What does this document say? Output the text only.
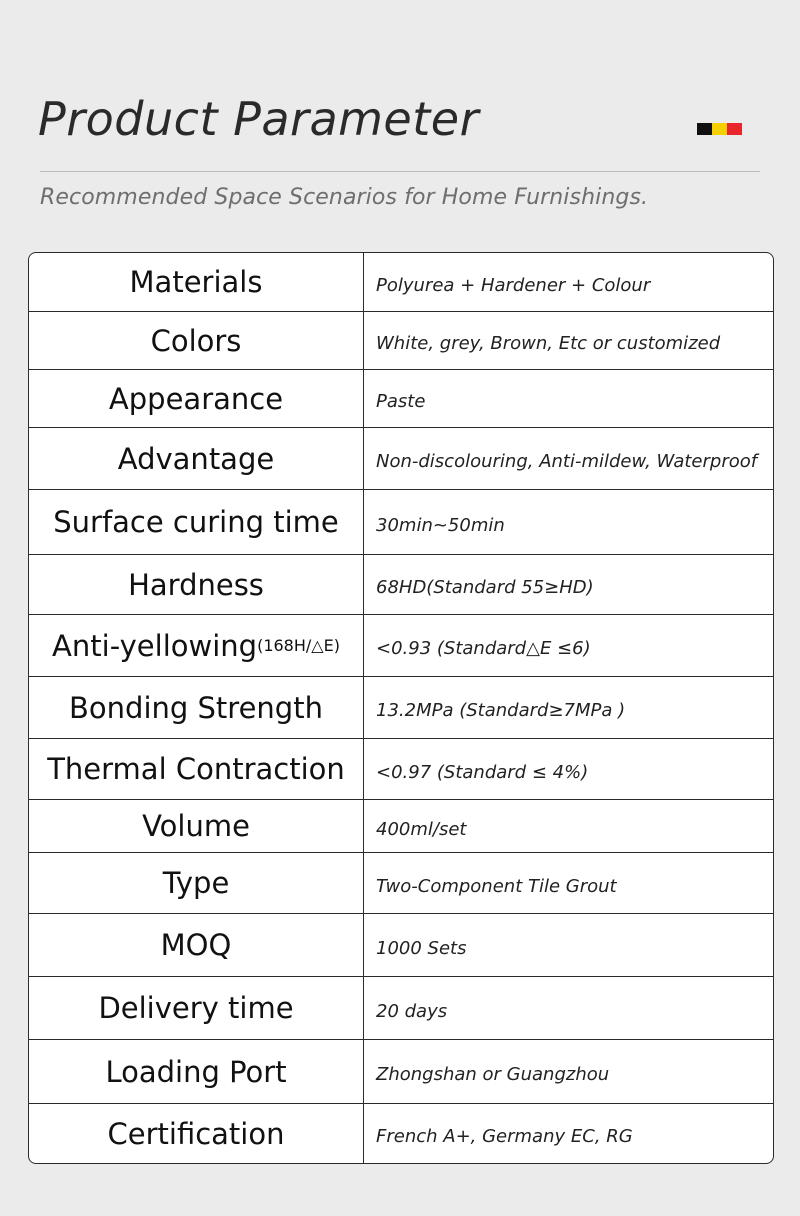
Product Parameter

Recommended Space Scenarios for Home Furnishings.

Materials	Polyurea + Hardener + Colour
Colors	White, grey, Brown, Etc or customized
Appearance	Paste
Advantage	Non-discolouring, Anti-mildew, Waterproof
Surface curing time	30min~50min
Hardness	68HD(Standard 55≥HD)
Anti-yellowing (168H/△E)	<0.93 (Standard△E ≤6)
Bonding Strength	13.2MPa (Standard≥7MPa )
Thermal Contraction	<0.97 (Standard ≤ 4%)
Volume	400ml/set
Type	Two-Component Tile Grout
MOQ	1000 Sets
Delivery time	20 days
Loading Port	Zhongshan or Guangzhou
Certification	French A+, Germany EC, RG
